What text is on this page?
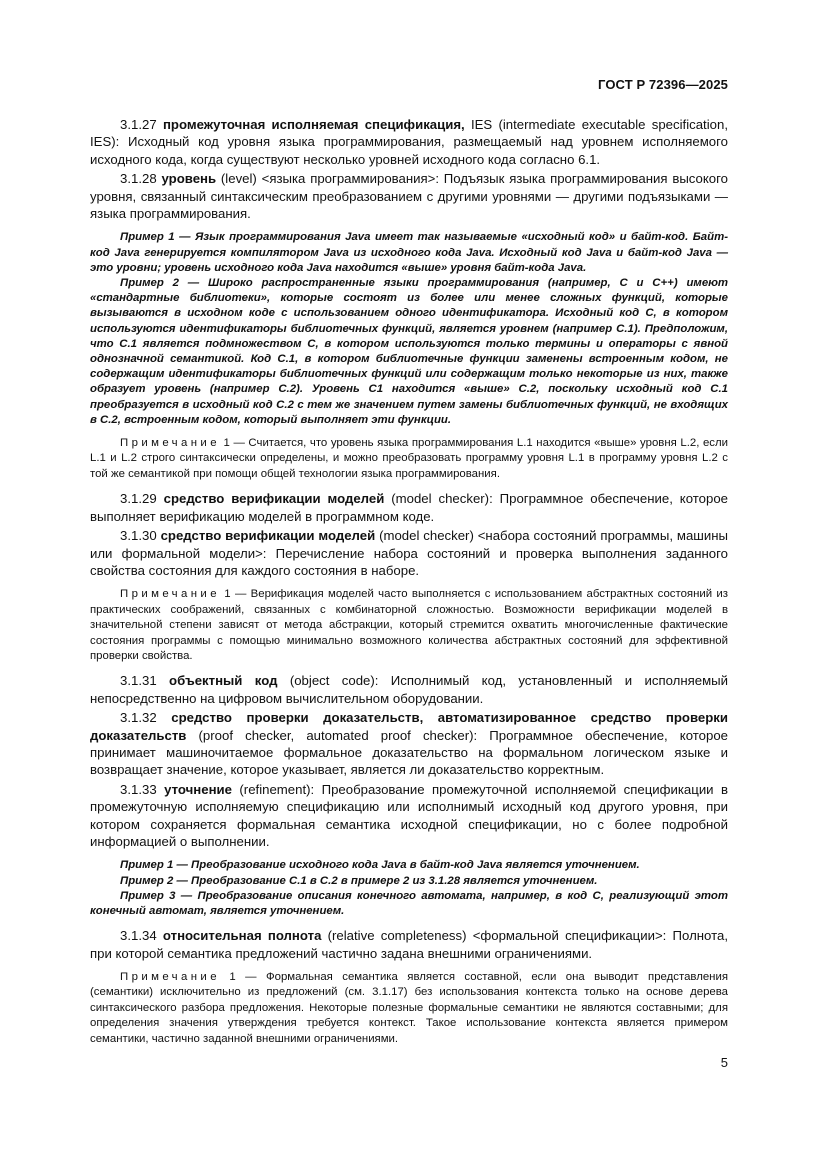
ГОСТ Р 72396—2025

3.1.27 промежуточная исполняемая спецификация, IES (intermediate executable specification, IES): Исходный код уровня языка программирования, размещаемый над уровнем исполняемого исходного кода, когда существуют несколько уровней исходного кода согласно 6.1.

3.1.28 уровень (level) <языка программирования>: Подъязык языка программирования высокого уровня, связанный синтаксическим преобразованием с другими уровнями — другими подъязыками — языка программирования.

Пример 1 — Язык программирования Java имеет так называемые «исходный код» и байт-код. Байт-код Java генерируется компилятором Java из исходного кода Java. Исходный код Java и байт-код Java — это уровни; уровень исходного кода Java находится «выше» уровня байт-кода Java.

Пример 2 — Широко распространенные языки программирования (например, С и С++) имеют «стандартные библиотеки», которые состоят из более или менее сложных функций, которые вызываются в исходном коде с использованием одного идентификатора. Исходный код С, в котором используются идентификаторы библиотечных функций, является уровнем (например С.1). Предположим, что С.1 является подмножеством С, в котором используются только термины и операторы с явной однозначной семантикой. Код С.1, в котором библиотечные функции заменены встроенным кодом, не содержащим идентификаторы библиотечных функций или содержащим только некоторые из них, также образует уровень (например С.2). Уровень С1 находится «выше» С.2, поскольку исходный код С.1 преобразуется в исходный код С.2 с тем же значением путем замены библиотечных функций, не входящих в С.2, встроенным кодом, который выполняет эти функции.

Примечание 1 — Считается, что уровень языка программирования L.1 находится «выше» уровня L.2, если L.1 и L.2 строго синтаксически определены, и можно преобразовать программу уровня L.1 в программу уровня L.2 с той же семантикой при помощи общей технологии языка программирования.

3.1.29 средство верификации моделей (model checker): Программное обеспечение, которое выполняет верификацию моделей в программном коде.

3.1.30 средство верификации моделей (model checker) <набора состояний программы, машины или формальной модели>: Перечисление набора состояний и проверка выполнения заданного свойства состояния для каждого состояния в наборе.

Примечание 1 — Верификация моделей часто выполняется с использованием абстрактных состояний из практических соображений, связанных с комбинаторной сложностью. Возможности верификации моделей в значительной степени зависят от метода абстракции, который стремится охватить многочисленные фактические состояния программы с помощью минимально возможного количества абстрактных состояний для эффективной проверки свойства.

3.1.31 объектный код (object code): Исполнимый код, установленный и исполняемый непосредственно на цифровом вычислительном оборудовании.

3.1.32 средство проверки доказательств, автоматизированное средство проверки доказательств (proof checker, automated proof checker): Программное обеспечение, которое принимает машиночитаемое формальное доказательство на формальном логическом языке и возвращает значение, которое указывает, является ли доказательство корректным.

3.1.33 уточнение (refinement): Преобразование промежуточной исполняемой спецификации в промежуточную исполняемую спецификацию или исполнимый исходный код другого уровня, при котором сохраняется формальная семантика исходной спецификации, но с более подробной информацией о выполнении.

Пример 1 — Преобразование исходного кода Java в байт-код Java является уточнением.

Пример 2 — Преобразование С.1 в С.2 в примере 2 из 3.1.28 является уточнением.

Пример 3 — Преобразование описания конечного автомата, например, в код С, реализующий этот конечный автомат, является уточнением.

3.1.34 относительная полнота (relative completeness) <формальной спецификации>: Полнота, при которой семантика предложений частично задана внешними ограничениями.

Примечание 1 — Формальная семантика является составной, если она выводит представления (семантики) исключительно из предложений (см. 3.1.17) без использования контекста только на основе дерева синтаксического разбора предложения. Некоторые полезные формальные семантики не являются составными; для определения значения утверждения требуется контекст. Такое использование контекста является примером семантики, частично заданной внешними ограничениями.

5
